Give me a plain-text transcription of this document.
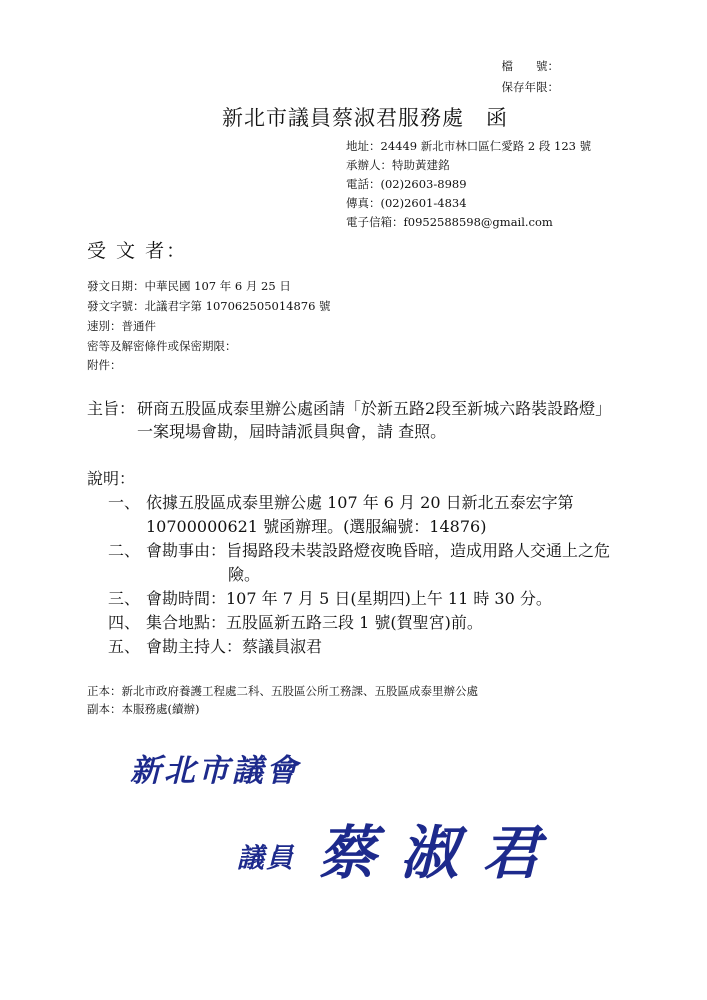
檔　　號：
保存年限：
新北市議員蔡淑君服務處　函
地址：24449 新北市林口區仁愛路 2 段 123 號
承辦人：特助黃建銘
電話：(02)2603-8989
傳真：(02)2601-4834
電子信箱：f0952588598@gmail.com
受 文 者：
發文日期：中華民國 107 年 6 月 25 日
發文字號：北議君字第 107062505014876 號
速別：普通件
密等及解密條件或保密期限：
附件：
主旨： 研商五股區成泰里辦公處函請「於新五路2段至新城六路裝設路燈」
一案現場會勘，屆時請派員與會，請 查照。
說明：
一、 依據五股區成泰里辦公處 107 年 6 月 20 日新北五泰宏字第
10700000621 號函辦理。(選服編號：14876)
二、 會勘事由：旨揭路段未裝設路燈夜晚昏暗，造成用路人交通上之危
險。
三、 會勘時間：107 年 7 月 5 日(星期四)上午 11 時 30 分。
四、 集合地點：五股區新五路三段 1 號(賀聖宮)前。
五、 會勘主持人：蔡議員淑君
正本：新北市政府養護工程處二科、五股區公所工務課、五股區成泰里辦公處
副本：本服務處(續辦)
新北市議會
議員 蔡淑君
